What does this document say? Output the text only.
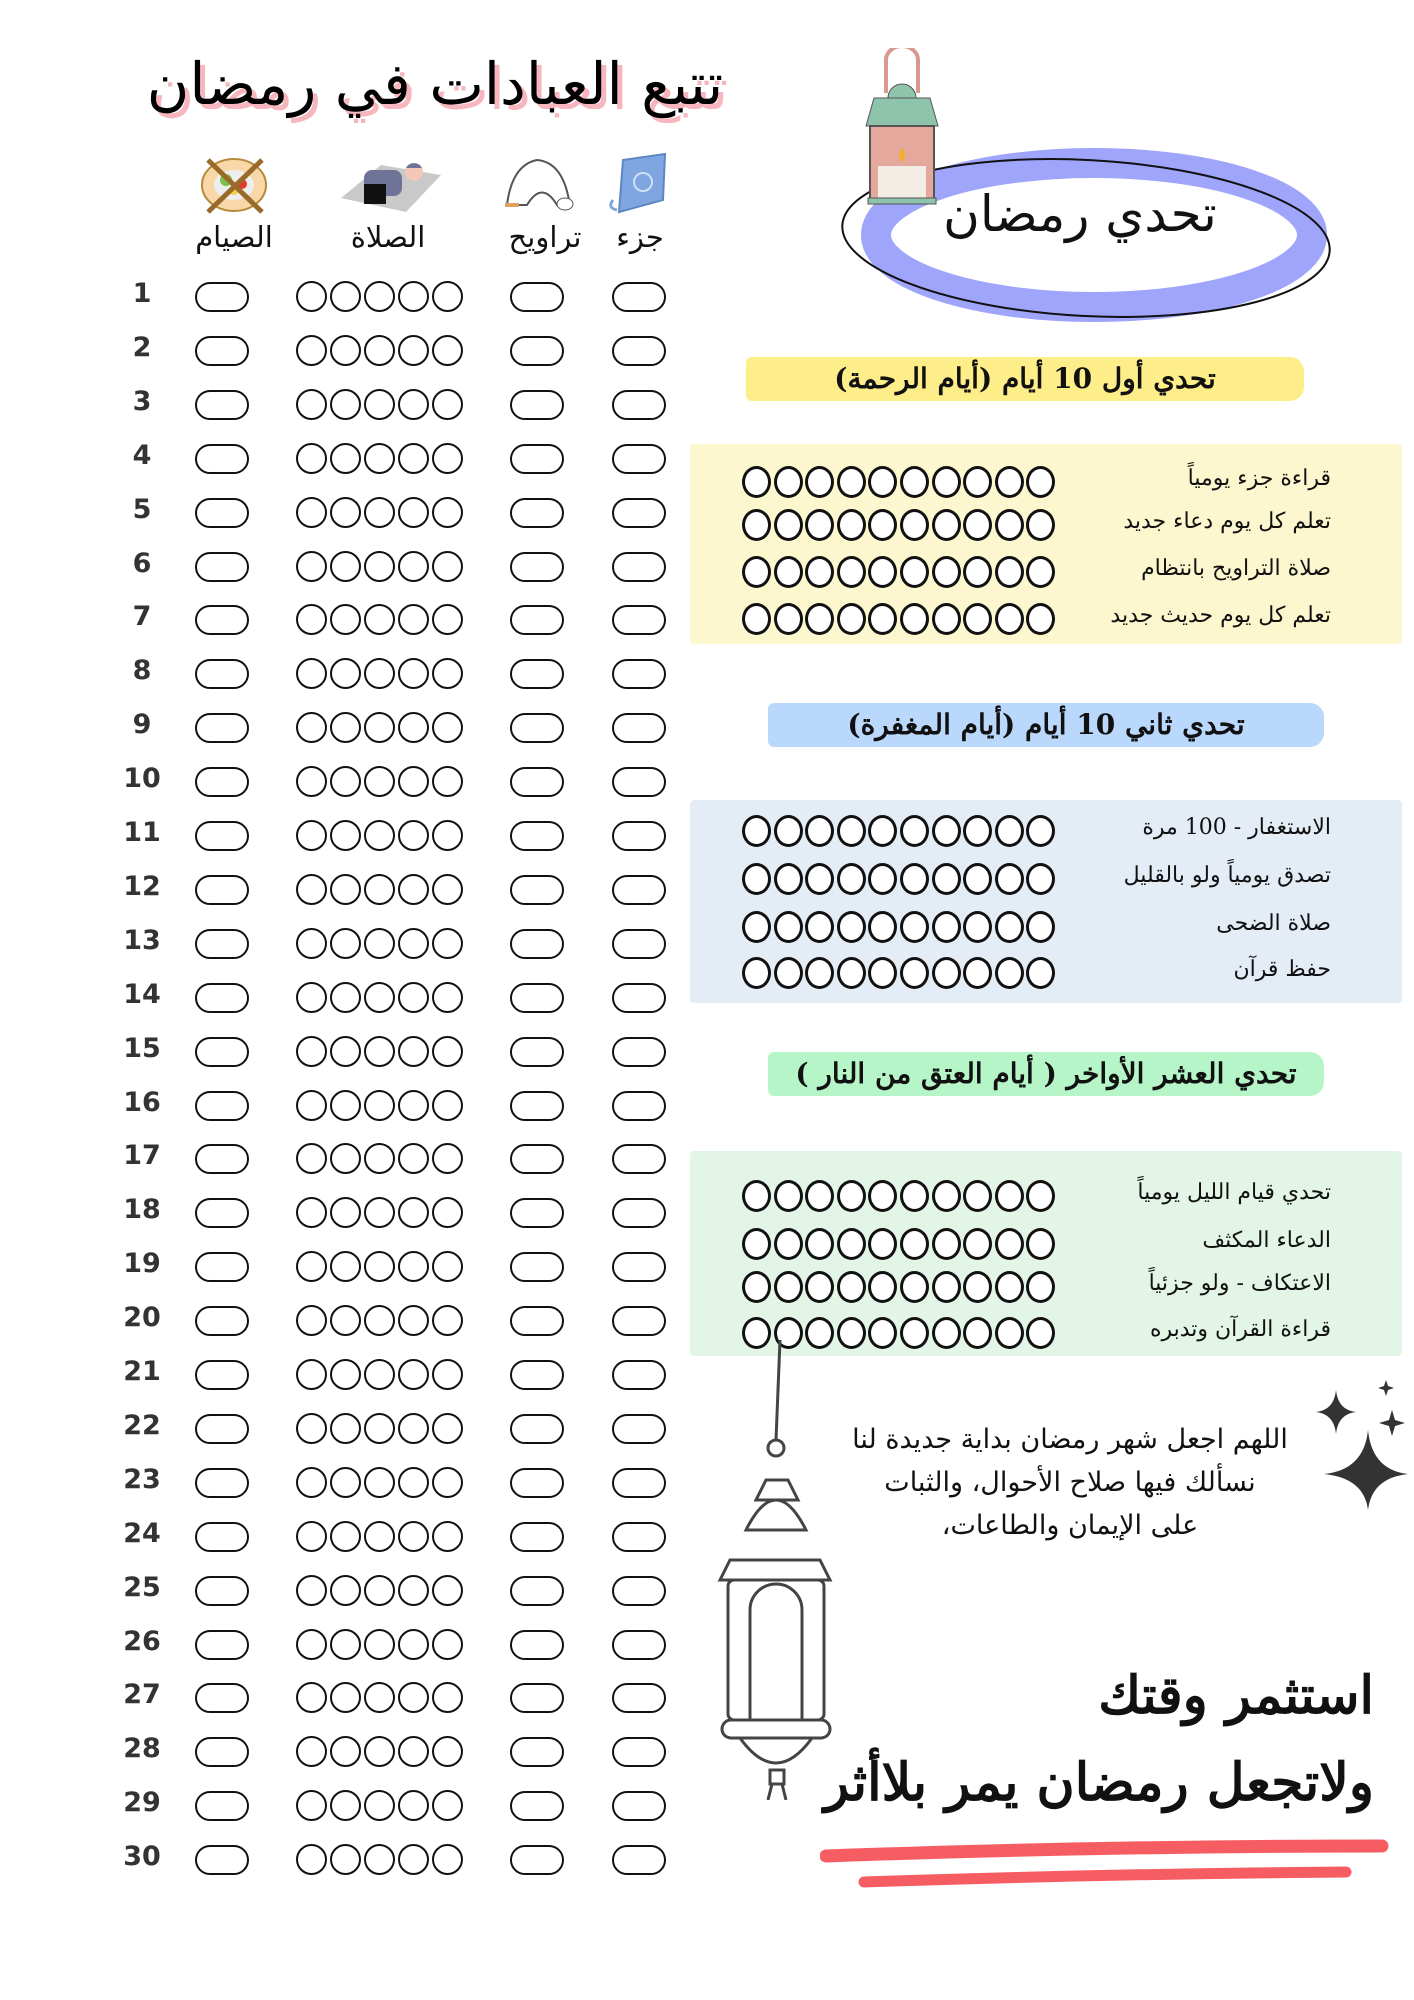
تتبع العبادات في رمضان
الصيام	الصلاة	تراويح	جزء
1
2
3
4
5
6
7
8
9
10
11
12
13
14
15
16
17
18
19
20
21
22
23
24
25
26
27
28
29
30
تحدي رمضان
تحدي أول 10 أيام (أيام الرحمة)
قراءة جزء يومياً
تعلم كل يوم دعاء جديد
صلاة التراويح بانتظام
تعلم كل يوم حديث جديد
تحدي ثاني 10 أيام (أيام المغفرة)
الاستغفار - 100 مرة
تصدق يومياً ولو بالقليل
صلاة الضحى
حفظ قرآن
تحدي العشر الأواخر ( أيام العتق من النار )
تحدي قيام الليل يومياً
الدعاء المكثف
الاعتكاف - ولو جزئياً
قراءة القرآن وتدبره
اللهم اجعل شهر رمضان بداية جديدة لنا
نسألك فيها صلاح الأحوال، والثبات
على الإيمان والطاعات،
استثمر وقتك
ولاتجعل رمضان يمر بلاأثر
